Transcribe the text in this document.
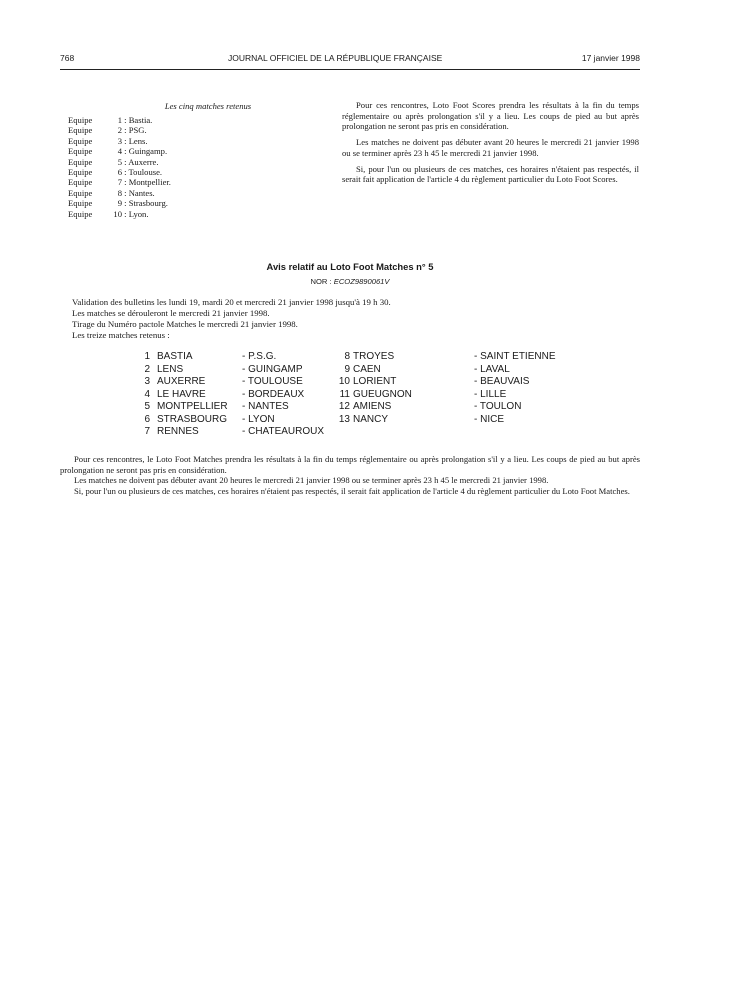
768	JOURNAL OFFICIEL DE LA RÉPUBLIQUE FRANÇAISE	17 janvier 1998
Les cinq matches retenus
Equipe	1 : Bastia.
Equipe	2 : PSG.
Equipe	3 : Lens.
Equipe	4 : Guingamp.
Equipe	5 : Auxerre.
Equipe	6 : Toulouse.
Equipe	7 : Montpellier.
Equipe	8 : Nantes.
Equipe	9 : Strasbourg.
Equipe 10 : Lyon.

Pour ces rencontres, Loto Foot Scores prendra les résultats à la fin du temps réglementaire ou après prolongation s'il y a lieu. Les coups de pied au but après prolongation ne seront pas pris en considération.

Les matches ne doivent pas débuter avant 20 heures le mercredi 21 janvier 1998 ou se terminer après 23 h 45 le mercredi 21 janvier 1998.

Si, pour l'un ou plusieurs de ces matches, ces horaires n'étaient pas respectés, il serait fait application de l'article 4 du règlement particulier du Loto Foot Scores.

Avis relatif au Loto Foot Matches n° 5
NOR : ECOZ9890061V
Validation des bulletins les lundi 19, mardi 20 et mercredi 21 janvier 1998 jusqu'à 19 h 30.
Les matches se dérouleront le mercredi 21 janvier 1998.
Tirage du Numéro pactole Matches le mercredi 21 janvier 1998.
Les treize matches retenus :
1 BASTIA	- P.S.G.	8 TROYES	- SAINT ETIENNE
2 LENS	- GUINGAMP	9 CAEN	- LAVAL
3 AUXERRE	- TOULOUSE	10 LORIENT	- BEAUVAIS
4 LE HAVRE	- BORDEAUX	11 GUEUGNON	- LILLE
5 MONTPELLIER - NANTES	12 AMIENS	- TOULON
6 STRASBOURG - LYON	13 NANCY	- NICE
7 RENNES	- CHATEAUROUX

Pour ces rencontres, le Loto Foot Matches prendra les résultats à la fin du temps réglementaire ou après prolongation s'il y a lieu. Les coups de pied au but après prolongation ne seront pas pris en considération.

Les matches ne doivent pas débuter avant 20 heures le mercredi 21 janvier 1998 ou se terminer après 23 h 45 le mercredi 21 janvier 1998.

Si, pour l'un ou plusieurs de ces matches, ces horaires n'étaient pas respectés, il serait fait application de l'article 4 du règlement particulier du Loto Foot Matches.
